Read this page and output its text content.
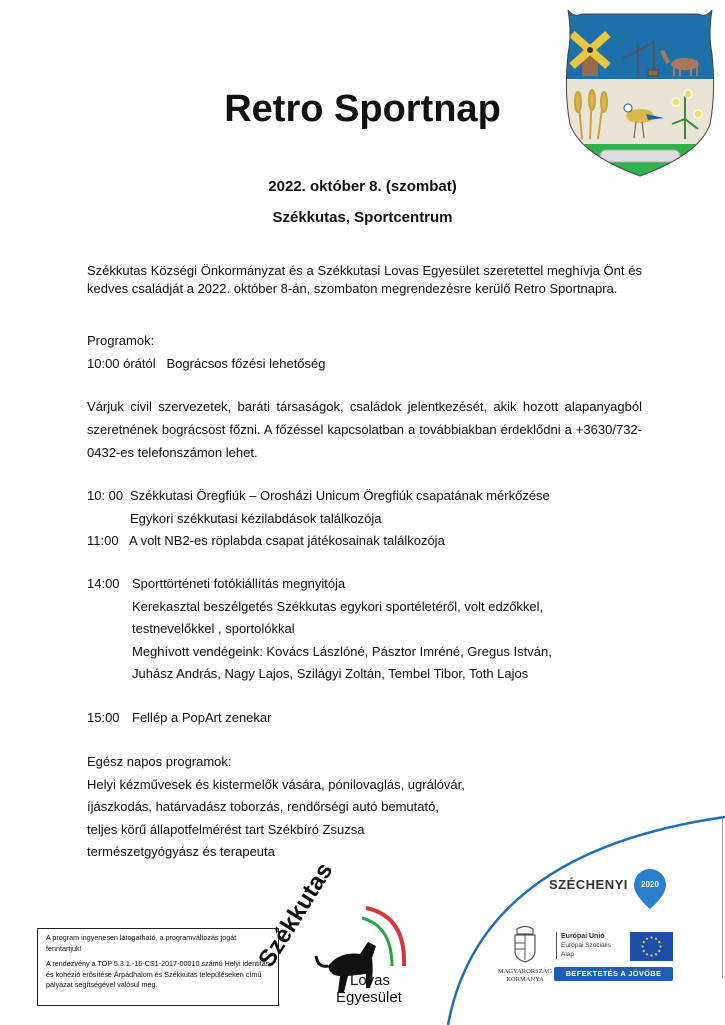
Retro Sportnap
2022. október 8. (szombat)
Székkutas, Sportcentrum
Székkutas Községi Önkormányzat és a Székkutasi Lovas Egyesület szeretettel meghívja Önt és kedves családját a 2022. október 8-án, szombaton megrendezésre kerülő Retro Sportnapra.
Programok:
10:00 órától Bográcsos főzési lehetőség
Várjuk civil szervezetek, baráti társaságok, családok jelentkezését, akik hozott alapanyagból szeretnének bográcsost főzni. A főzéssel kapcsolatban a továbbiakban érdeklődni a +3630/732-0432-es telefonszámon lehet.
10: 00 Székkutasi Öregfiúk – Orosházi Unicum Öregfiúk csapatának mérkőzése
Egykori székkutasi kézilabdások találkozója
11:00 A volt NB2-es röplabda csapat játékosainak találkozója
14:00 Sporttörténeti fotókiállítás megnyitója
Kerekasztal beszélgetés Székkutas egykori sportéletéről, volt edzőkkel,
testnevelőkkel , sportolókkal
Meghívott vendégeink: Kovács Lászlóné, Pásztor Imréné, Gregus István,
Juhász András, Nagy Lajos, Szilágyi Zoltán, Tembel Tibor, Toth Lajos
15:00 Fellép a PopArt zenekar
Egész napos programok:
Helyi kézművesek és kistermelők vására, pónilovaglás, ugrálóvár,
íjászkodás, határvadász toborzás, rendőrségi autó bemutató,
teljes körű állapotfelmérést tart Székbíró Zsuzsa
természetgyógyász és terapeuta

A program ingyenesen látogatható, a programváltozás jogát fenntartjuk!

A rendezvény a TOP 5.3.1.-16-CS1-2017-00010 számú Helyi identitás és kohézió erősítése Árpádhalom és Székkutas településeken című pályázat segítségével valósul meg.

Székkutas
Lovas
Egyesület
SZÉCHENYI	2020
MAGYARORSZÁG
KORMÁNYA
Európai Unió
Európai Szociális
Alap
BEFEKTETÉS A JÖVŐBE
